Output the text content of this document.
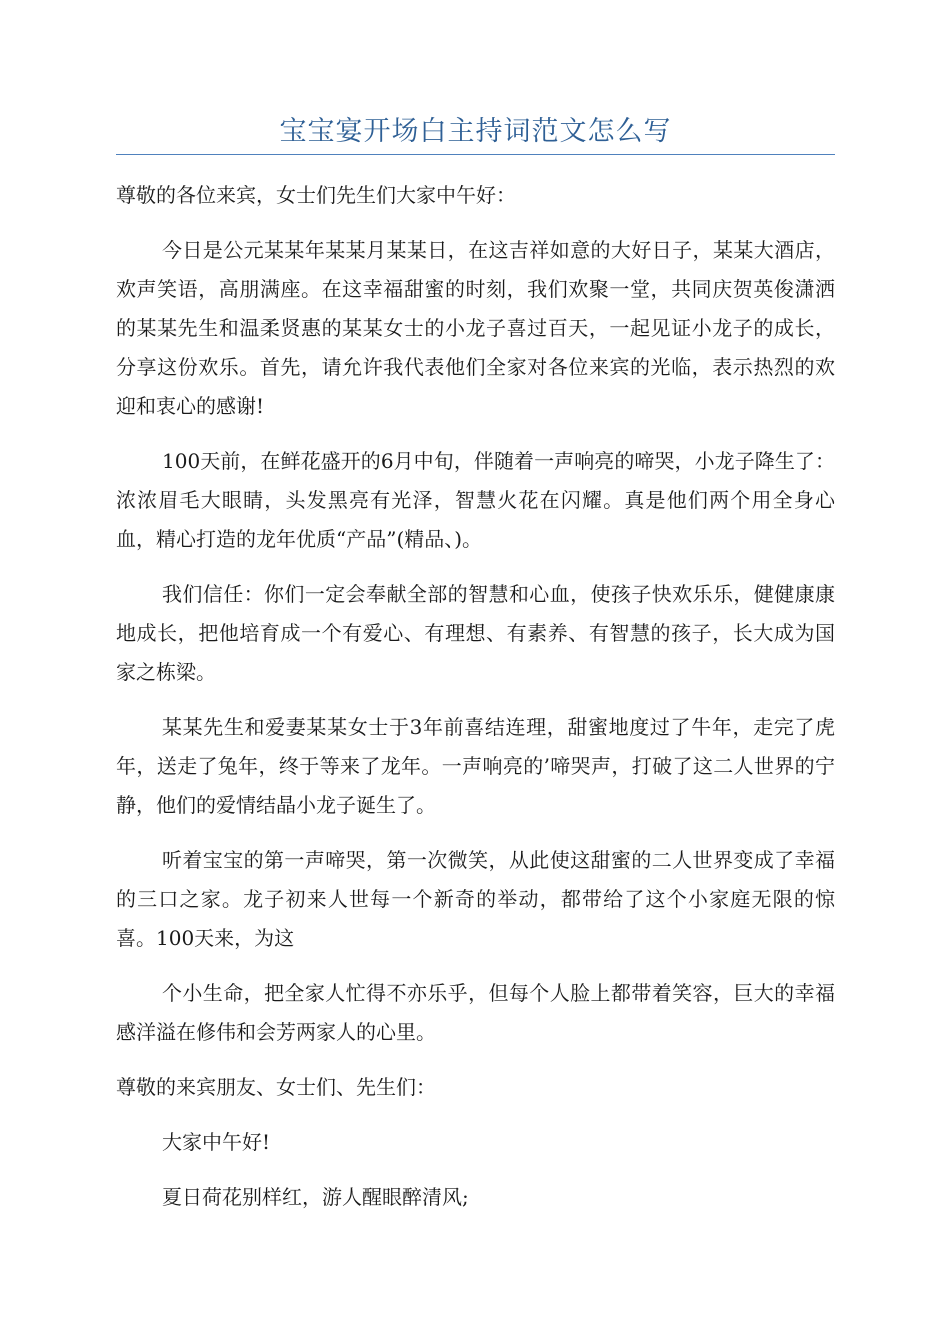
宝宝宴开场白主持词范文怎么写

尊敬的各位来宾，女士们先生们大家中午好：

今日是公元某某年某某月某某日，在这吉祥如意的大好日子，某某大酒店，欢声笑语，高朋满座。在这幸福甜蜜的时刻，我们欢聚一堂，共同庆贺英俊潇洒的某某先生和温柔贤惠的某某女士的小龙子喜过百天，一起见证小龙子的成长，分享这份欢乐。首先，请允许我代表他们全家对各位来宾的光临，表示热烈的欢迎和衷心的感谢!

100天前，在鲜花盛开的6月中旬，伴随着一声响亮的啼哭，小龙子降生了：浓浓眉毛大眼睛，头发黑亮有光泽，智慧火花在闪耀。真是他们两个用全身心血，精心打造的龙年优质“产品”(精品、)。

我们信任：你们一定会奉献全部的智慧和心血，使孩子快欢乐乐，健健康康地成长，把他培育成一个有爱心、有理想、有素养、有智慧的孩子，长大成为国家之栋梁。

某某先生和爱妻某某女士于3年前喜结连理，甜蜜地度过了牛年，走完了虎年，送走了兔年，终于等来了龙年。一声响亮的’啼哭声，打破了这二人世界的宁静，他们的爱情结晶小龙子诞生了。

听着宝宝的第一声啼哭，第一次微笑，从此使这甜蜜的二人世界变成了幸福的三口之家。龙子初来人世每一个新奇的举动，都带给了这个小家庭无限的惊喜。100天来，为这

个小生命，把全家人忙得不亦乐乎，但每个人脸上都带着笑容，巨大的幸福感洋溢在修伟和会芳两家人的心里。

尊敬的来宾朋友、女士们、先生们：

大家中午好!

夏日荷花别样红，游人醒眼醉清风;
